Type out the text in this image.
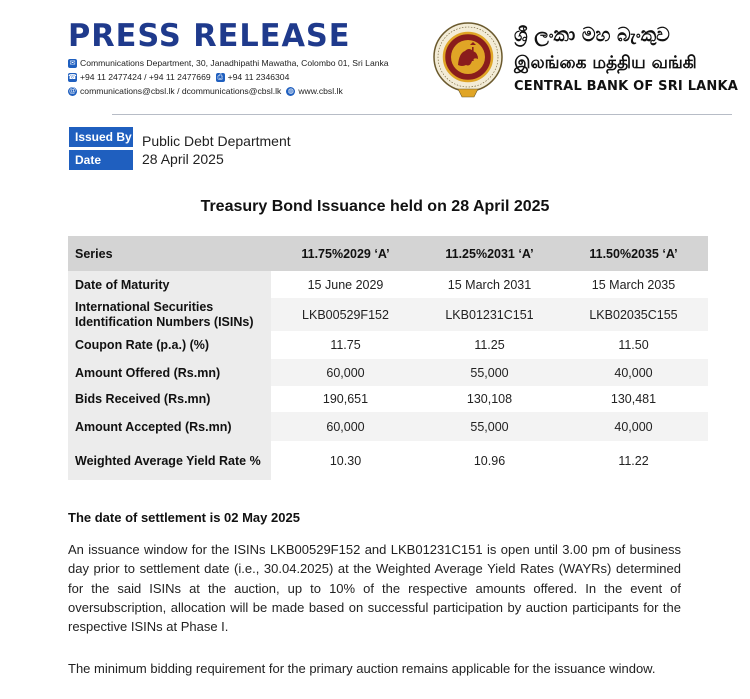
PRESS RELEASE
✉ Communications Department, 30, Janadhipathi Mawatha, Colombo 01, Sri Lanka
☎ +94 11 2477424 / +94 11 2477669 ⎙ +94 11 2346304
@ communications@cbsl.lk / dcommunications@cbsl.lk ◍ www.cbsl.lk
ශ්‍රී ලංකා මහ බැංකුව
இலங்கை மத்திய வங்கி
CENTRAL BANK OF SRI LANKA
Issued By Public Debt Department
Date	28 April 2025
Treasury Bond Issuance held on 28 April 2025
Series	11.75%2029 ‘A’	11.25%2031 ‘A’	11.50%2035 ‘A’
Date of Maturity	15 June 2029	15 March 2031	15 March 2035
International Securities Identification Numbers (ISINs)	LKB00529F152	LKB01231C151	LKB02035C155
Coupon Rate (p.a.) (%)	11.75	11.25	11.50
Amount Offered (Rs.mn)	60,000	55,000	40,000
Bids Received (Rs.mn)	190,651	130,108	130,481
Amount Accepted (Rs.mn)	60,000	55,000	40,000
Weighted Average Yield Rate %	10.30	10.96	11.22
The date of settlement is 02 May 2025
An issuance window for the ISINs LKB00529F152 and LKB01231C151 is open until 3.00 pm of business day prior to settlement date (i.e., 30.04.2025) at the Weighted Average Yield Rates (WAYRs) determined for the said ISINs at the auction, up to 10% of the respective amounts offered. In the event of oversubscription, allocation will be made based on successful participation by auction participants for the respective ISINs at Phase I.
The minimum bidding requirement for the primary auction remains applicable for the issuance window.
